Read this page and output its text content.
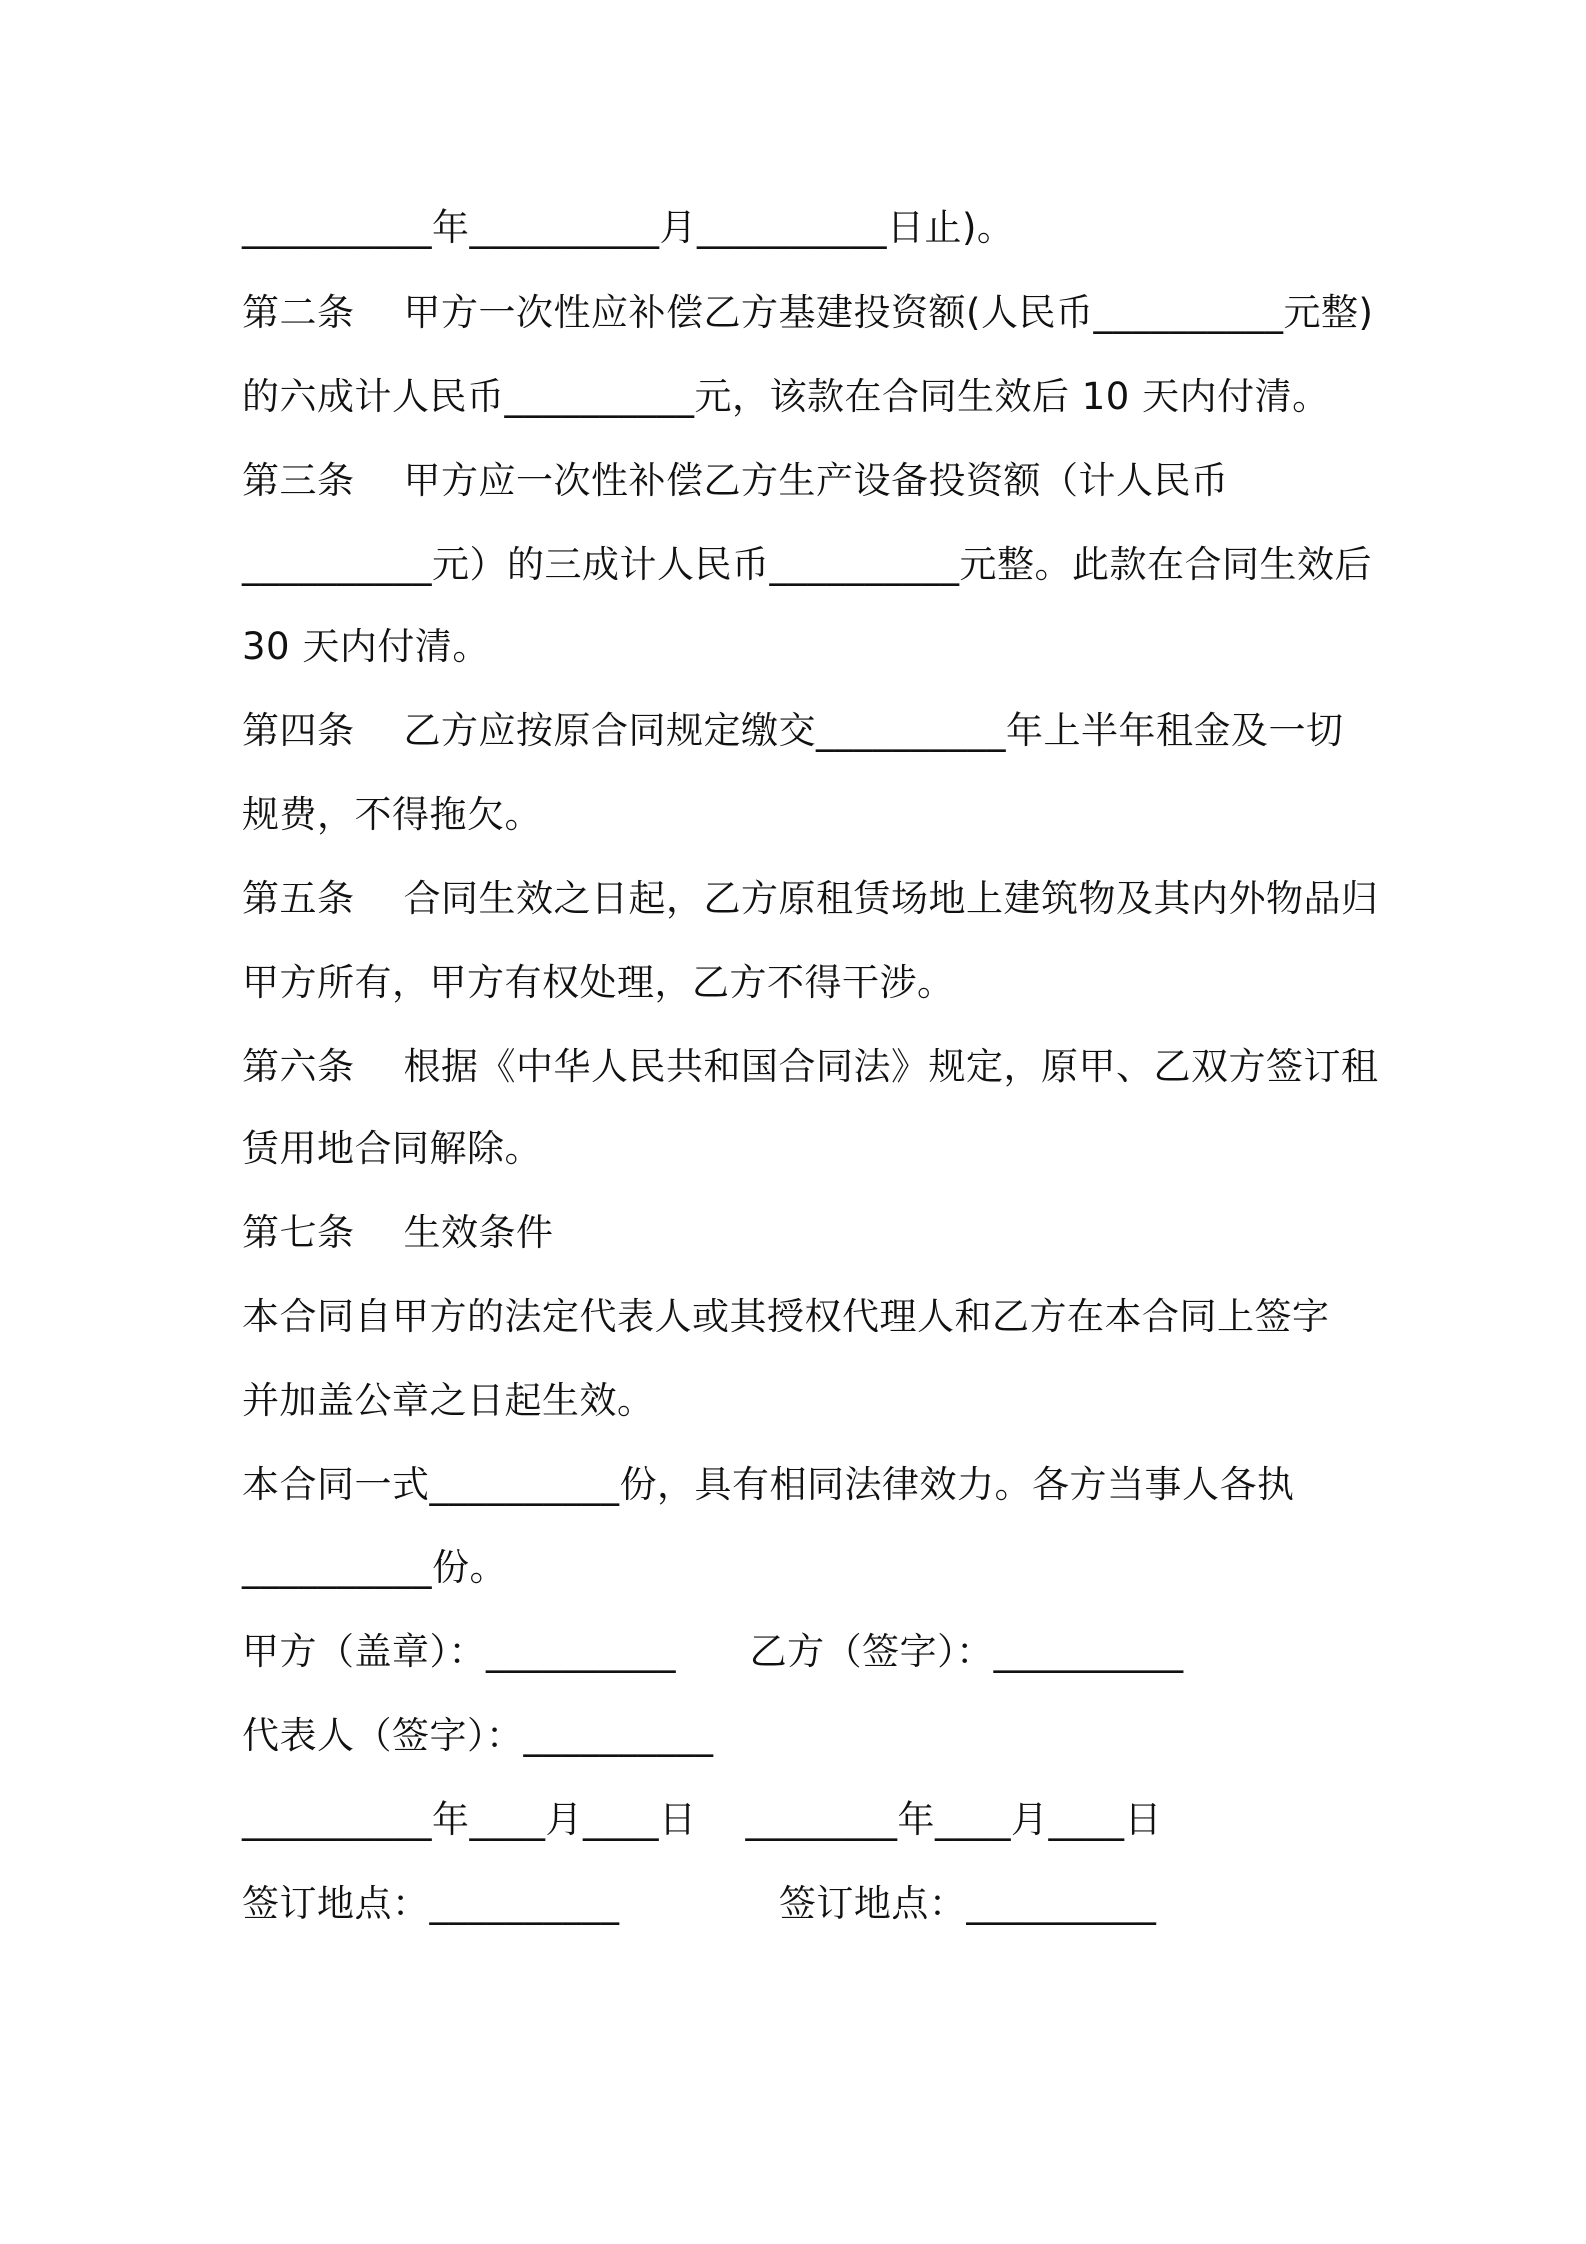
__________年__________月__________日止)。
第二条    甲方一次性应补偿乙方基建投资额(人民币__________元整)
的六成计人民币__________元，该款在合同生效后 10 天内付清。
第三条    甲方应一次性补偿乙方生产设备投资额（计人民币
__________元）的三成计人民币__________元整。此款在合同生效后
30 天内付清。
第四条    乙方应按原合同规定缴交__________年上半年租金及一切
规费，不得拖欠。
第五条    合同生效之日起，乙方原租赁场地上建筑物及其内外物品归
甲方所有，甲方有权处理，乙方不得干涉。
第六条    根据《中华人民共和国合同法》规定，原甲、乙双方签订租
赁用地合同解除。
第七条    生效条件
本合同自甲方的法定代表人或其授权代理人和乙方在本合同上签字
并加盖公章之日起生效。
本合同一式__________份，具有相同法律效力。各方当事人各执
__________份。
甲方（盖章）：__________      乙方（签字）：__________
代表人（签字）：__________
__________年____月____日    ________年____月____日
签订地点：__________             签订地点：__________
